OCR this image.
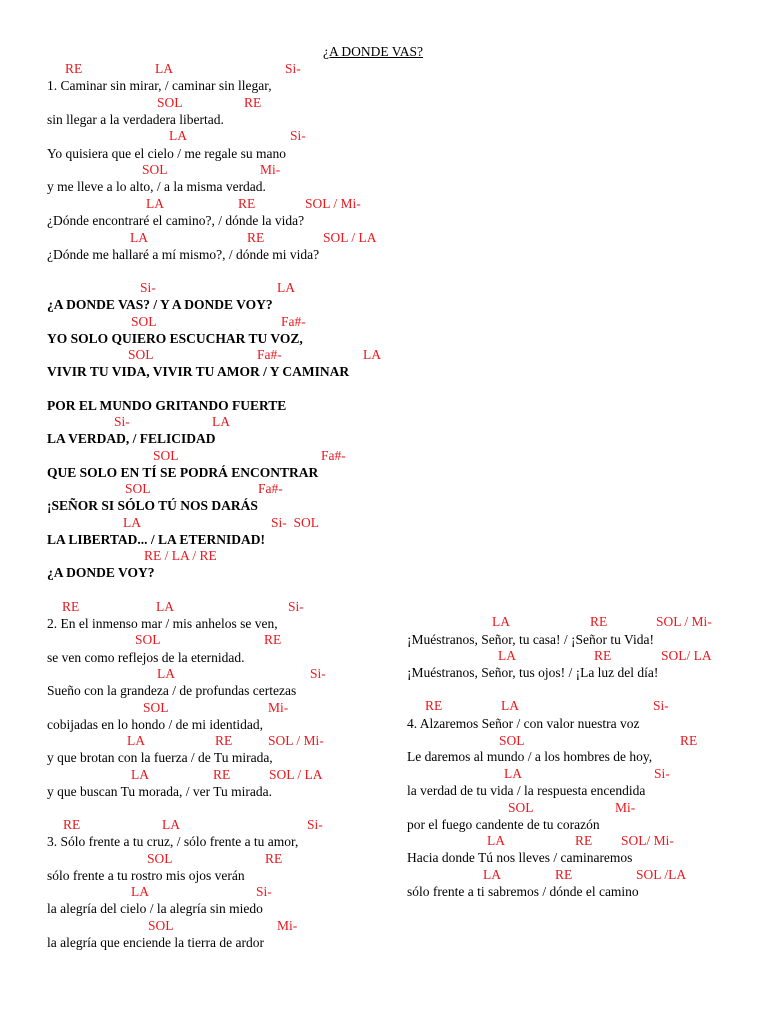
¿A DONDE VAS?
RE	LA	Si-
1. Caminar sin mirar, / caminar sin llegar,
SOL	RE
sin llegar a la verdadera libertad.
LA	Si-
Yo quisiera que el cielo / me regale su mano
SOL	Mi-
y me lleve a lo alto, / a la misma verdad.
LA	RE	SOL / Mi-
¿Dónde encontraré el camino?, / dónde la vida?
LA	RE	SOL / LA
¿Dónde me hallaré a mí mismo?, / dónde mi vida?
Si-	LA
¿A DONDE VAS? / Y A DONDE VOY?
SOL	Fa#-
YO SOLO QUIERO ESCUCHAR TU VOZ,
SOL	Fa#-	LA
VIVIR TU VIDA, VIVIR TU AMOR / Y CAMINAR
POR EL MUNDO GRITANDO FUERTE
Si-	LA
LA VERDAD, / FELICIDAD
SOL	Fa#-
QUE SOLO EN TÍ SE PODRÁ ENCONTRAR
SOL	Fa#-
¡SEÑOR SI SÓLO TÚ NOS DARÁS
LA	Si-  SOL
LA LIBERTAD... / LA ETERNIDAD!
RE / LA / RE
¿A DONDE VOY?
RE	LA	Si-
2. En el inmenso mar / mis anhelos se ven,
SOL	RE
se ven como reflejos de la eternidad.
LA	Si-
Sueño con la grandeza / de profundas certezas
SOL	Mi-
cobijadas en lo hondo / de mi identidad,
LA	RE	SOL / Mi-
y que brotan con la fuerza / de Tu mirada,
LA	RE	SOL / LA
y que buscan Tu morada, / ver Tu mirada.
RE	LA	Si-
3. Sólo frente a tu cruz, / sólo frente a tu amor,
SOL	RE
sólo frente a tu rostro mis ojos verán
LA	Si-
la alegría del cielo / la alegría sin miedo
SOL	Mi-
la alegría que enciende la tierra de ardor
LA	RE	SOL / Mi-
¡Muéstranos, Señor, tu casa! / ¡Señor tu Vida!
LA	RE	SOL/ LA
¡Muéstranos, Señor, tus ojos! / ¡La luz del día!
RE	LA	Si-
4. Alzaremos Señor / con valor nuestra voz
SOL	RE
Le daremos al mundo / a los hombres de hoy,
LA	Si-
la verdad de tu vida / la respuesta encendida
SOL	Mi-
por el fuego candente de tu corazón
LA	RE SOL/ Mi-
Hacia donde Tú nos lleves / caminaremos
LA	RE	SOL /LA
sólo frente a ti sabremos / dónde el camino
